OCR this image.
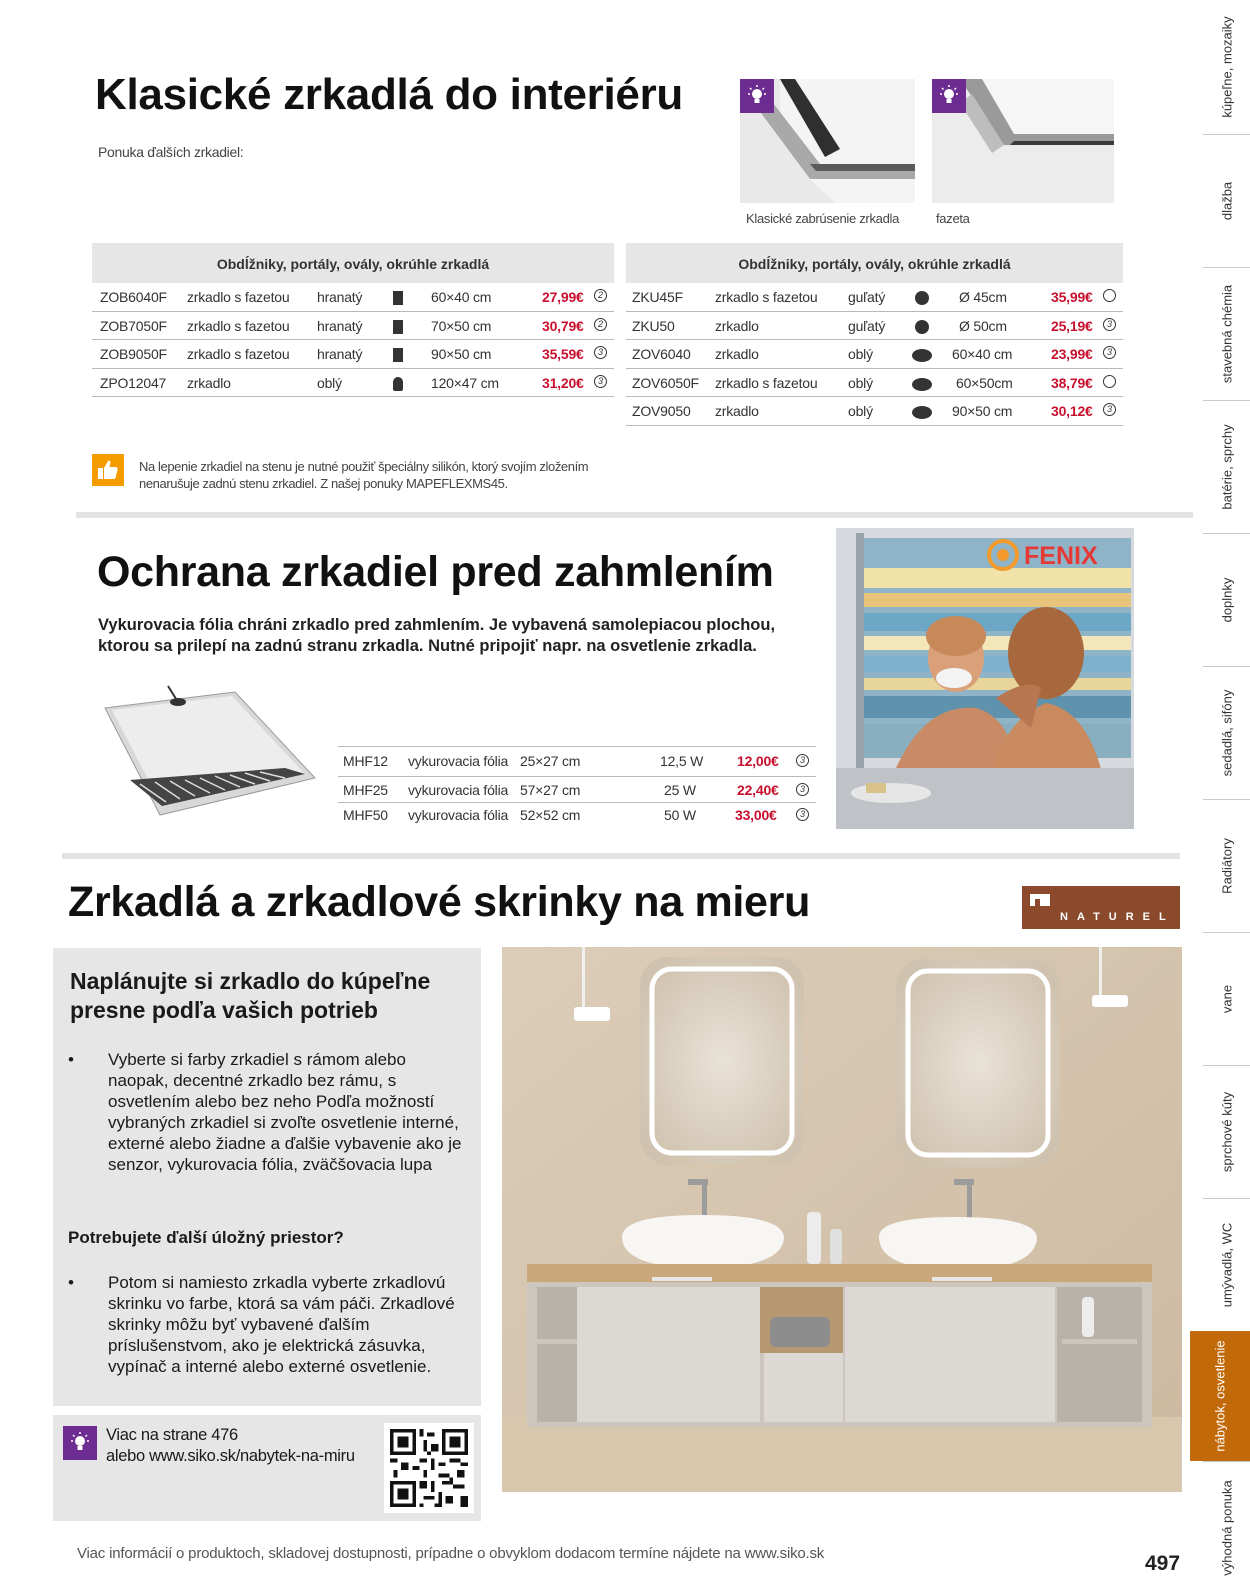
Klasické zrkadlá do interiéru
Ponuka ďalších zrkadiel:
Klasické zabrúsenie zrkadla	fazeta
Obdĺžniky, portály, ovály, okrúhle zrkadlá
ZOB6040F zrkadlo s fazetou hranatý	60×40 cm	27,99€	2
ZOB7050F zrkadlo s fazetou hranatý	70×50 cm	30,79€	2
ZOB9050F zrkadlo s fazetou hranatý	90×50 cm	35,59€	3
ZPO12047 zrkadlo	oblý	120×47 cm	31,20€	3
Obdĺžniky, portály, ovály, okrúhle zrkadlá
ZKU45F zrkadlo s fazetou guľatý	Ø 45cm	35,99€
ZKU50	zrkadlo	guľatý	Ø 50cm	25,19€	3
ZOV6040 zrkadlo	oblý	60×40 cm	23,99€	3
ZOV6050F zrkadlo s fazetou oblý	60×50cm	38,79€
ZOV9050 zrkadlo	oblý	90×50 cm	30,12€	3
Na lepenie zrkadiel na stenu je nutné použiť špeciálny silikón, ktorý svojím zložením nenarušuje zadnú stenu zrkadiel. Z našej ponuky MAPEFLEXMS45.
Ochrana zrkadiel pred zahmlením
Vykurovacia fólia chráni zrkadlo pred zahmlením. Je vybavená samolepiacou plochou, ktorou sa prilepí na zadnú stranu zrkadla. Nutné pripojiť napr. na osvetlenie zrkadla.
MHF12 vykurovacia fólia 25×27 cm	12,5 W 12,00€	3
MHF25 vykurovacia fólia 57×27 cm	25 W	22,40€	3
MHF50 vykurovacia fólia 52×52 cm	50 W	33,00€	3
FENIX
Zrkadlá a zrkadlové skrinky na mieru	NATUREL
Naplánujte si zrkadlo do kúpeľne presne podľa vašich potrieb
• Vyberte si farby zrkadiel s rámom alebo naopak, decentné zrkadlo bez rámu, s osvetlením alebo bez neho Podľa možností vybraných zrkadiel si zvoľte osvetlenie interné, externé alebo žiadne a ďalšie vybavenie ako je senzor, vykurovacia fólia, zväčšovacia lupa
Potrebujete ďalší úložný priestor?
• Potom si namiesto zrkadla vyberte zrkadlovú skrinku vo farbe, ktorá sa vám páči. Zrkadlové skrinky môžu byť vybavené ďalším príslušenstvom, ako je elektrická zásuvka, vypínač a interné alebo externé osvetlenie.
Viac na strane 476
alebo www.siko.sk/nabytek-na-miru
Viac informácií o produktoch, skladovej dostupnosti, prípadne o obvyklom dodacom termíne nájdete na www.siko.sk	497
kúpeľne, mozaiky
dlažba
stavebná chémia
batérie, sprchy
doplnky
sedadlá, sifóny
Radiátory
vane
sprchové kúty
umývadlá, WC
nábytok, osvetlenie
výhodná ponuka
